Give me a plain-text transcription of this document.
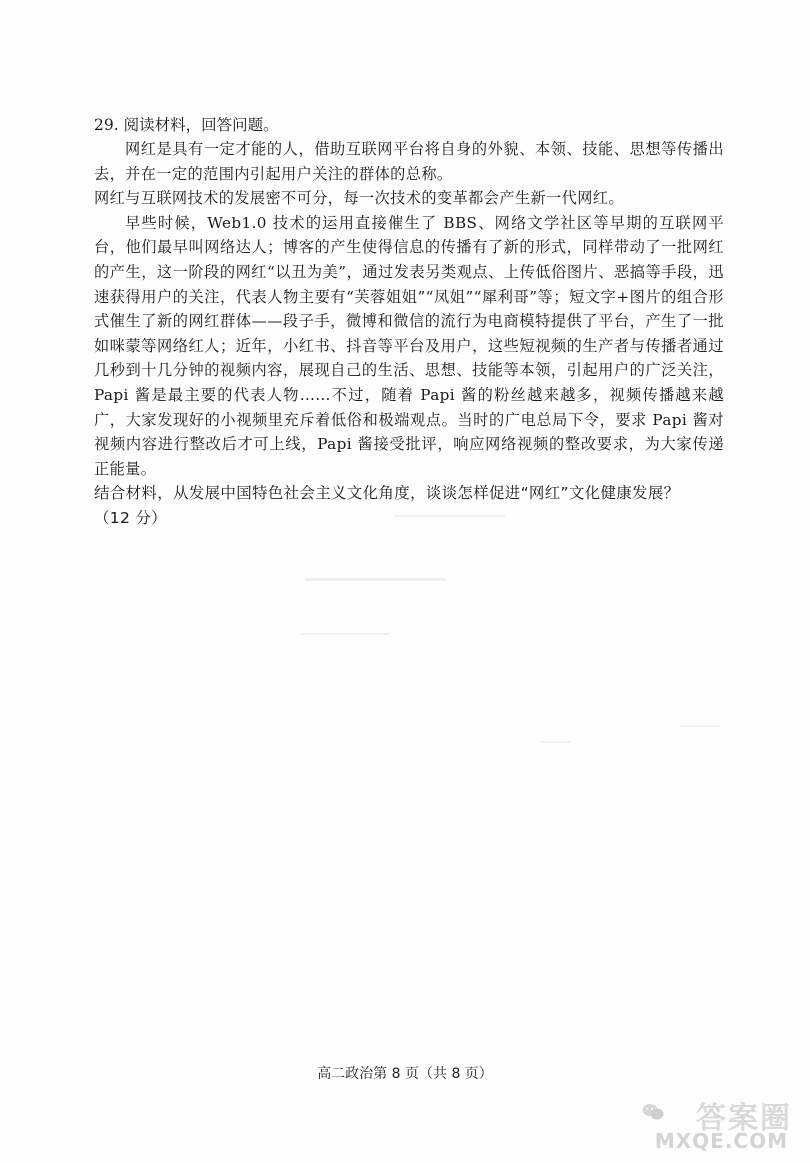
29. 阅读材料，回答问题。

网红是具有一定才能的人，借助互联网平台将自身的外貌、本领、技能、思想等传播出去，并在一定的范围内引起用户关注的群体的总称。

网红与互联网技术的发展密不可分，每一次技术的变革都会产生新一代网红。

早些时候，Web1.0 技术的运用直接催生了 BBS、网络文学社区等早期的互联网平台，他们最早叫网络达人；博客的产生使得信息的传播有了新的形式，同样带动了一批网红的产生，这一阶段的网红“以丑为美”，通过发表另类观点、上传低俗图片、恶搞等手段，迅速获得用户的关注，代表人物主要有“芙蓉姐姐”“凤姐”“犀利哥”等；短文字+图片的组合形式催生了新的网红群体——段子手，微博和微信的流行为电商模特提供了平台，产生了一批如咪蒙等网络红人；近年，小红书、抖音等平台及用户，这些短视频的生产者与传播者通过几秒到十几分钟的视频内容，展现自己的生活、思想、技能等本领，引起用户的广泛关注，Papi 酱是最主要的代表人物……不过，随着 Papi 酱的粉丝越来越多，视频传播越来越广，大家发现好的小视频里充斥着低俗和极端观点。当时的广电总局下令，要求 Papi 酱对视频内容进行整改后才可上线，Papi 酱接受批评，响应网络视频的整改要求，为大家传递正能量。

结合材料，从发展中国特色社会主义文化角度，谈谈怎样促进“网红”文化健康发展？

（12 分）

高二政治第 8 页（共 8 页）
答案圈
MXQE.COM
